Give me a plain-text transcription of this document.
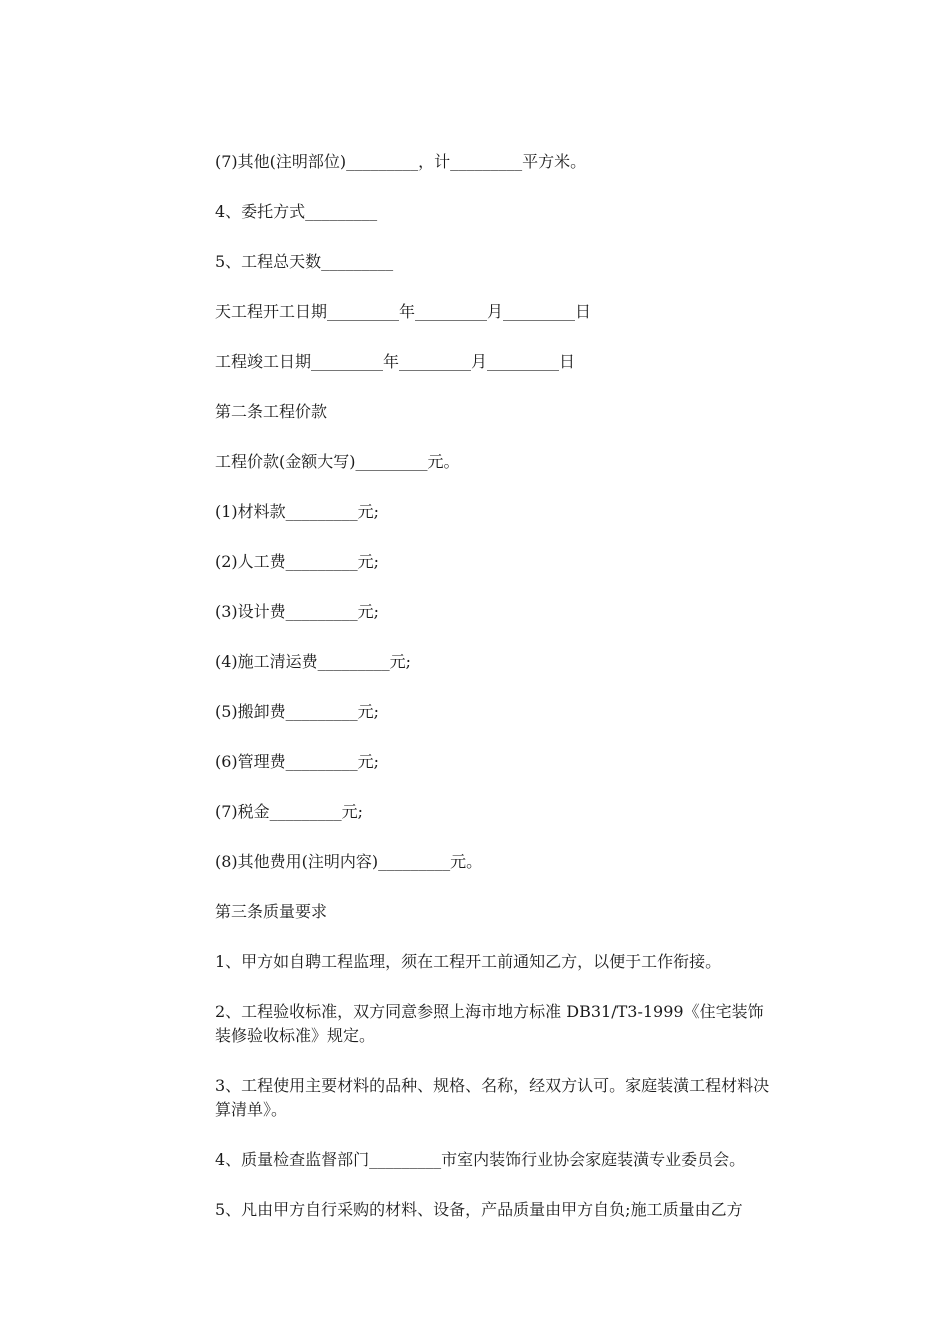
(7)其他(注明部位)_________，计_________平方米。

4、委托方式_________

5、工程总天数_________

天工程开工日期_________年_________月_________日

工程竣工日期_________年_________月_________日

第二条工程价款

工程价款(金额大写)_________元。

(1)材料款_________元;

(2)人工费_________元;

(3)设计费_________元;

(4)施工清运费_________元;

(5)搬卸费_________元;

(6)管理费_________元;

(7)税金_________元;

(8)其他费用(注明内容)_________元。

第三条质量要求

1、甲方如自聘工程监理，须在工程开工前通知乙方，以便于工作衔接。

2、工程验收标准，双方同意参照上海市地方标准 DB31/T3-1999《住宅装饰装修验收标准》规定。

3、工程使用主要材料的品种、规格、名称，经双方认可。家庭装潢工程材料决算清单》。

4、质量检查监督部门_________市室内装饰行业协会家庭装潢专业委员会。

5、凡由甲方自行采购的材料、设备，产品质量由甲方自负;施工质量由乙方
